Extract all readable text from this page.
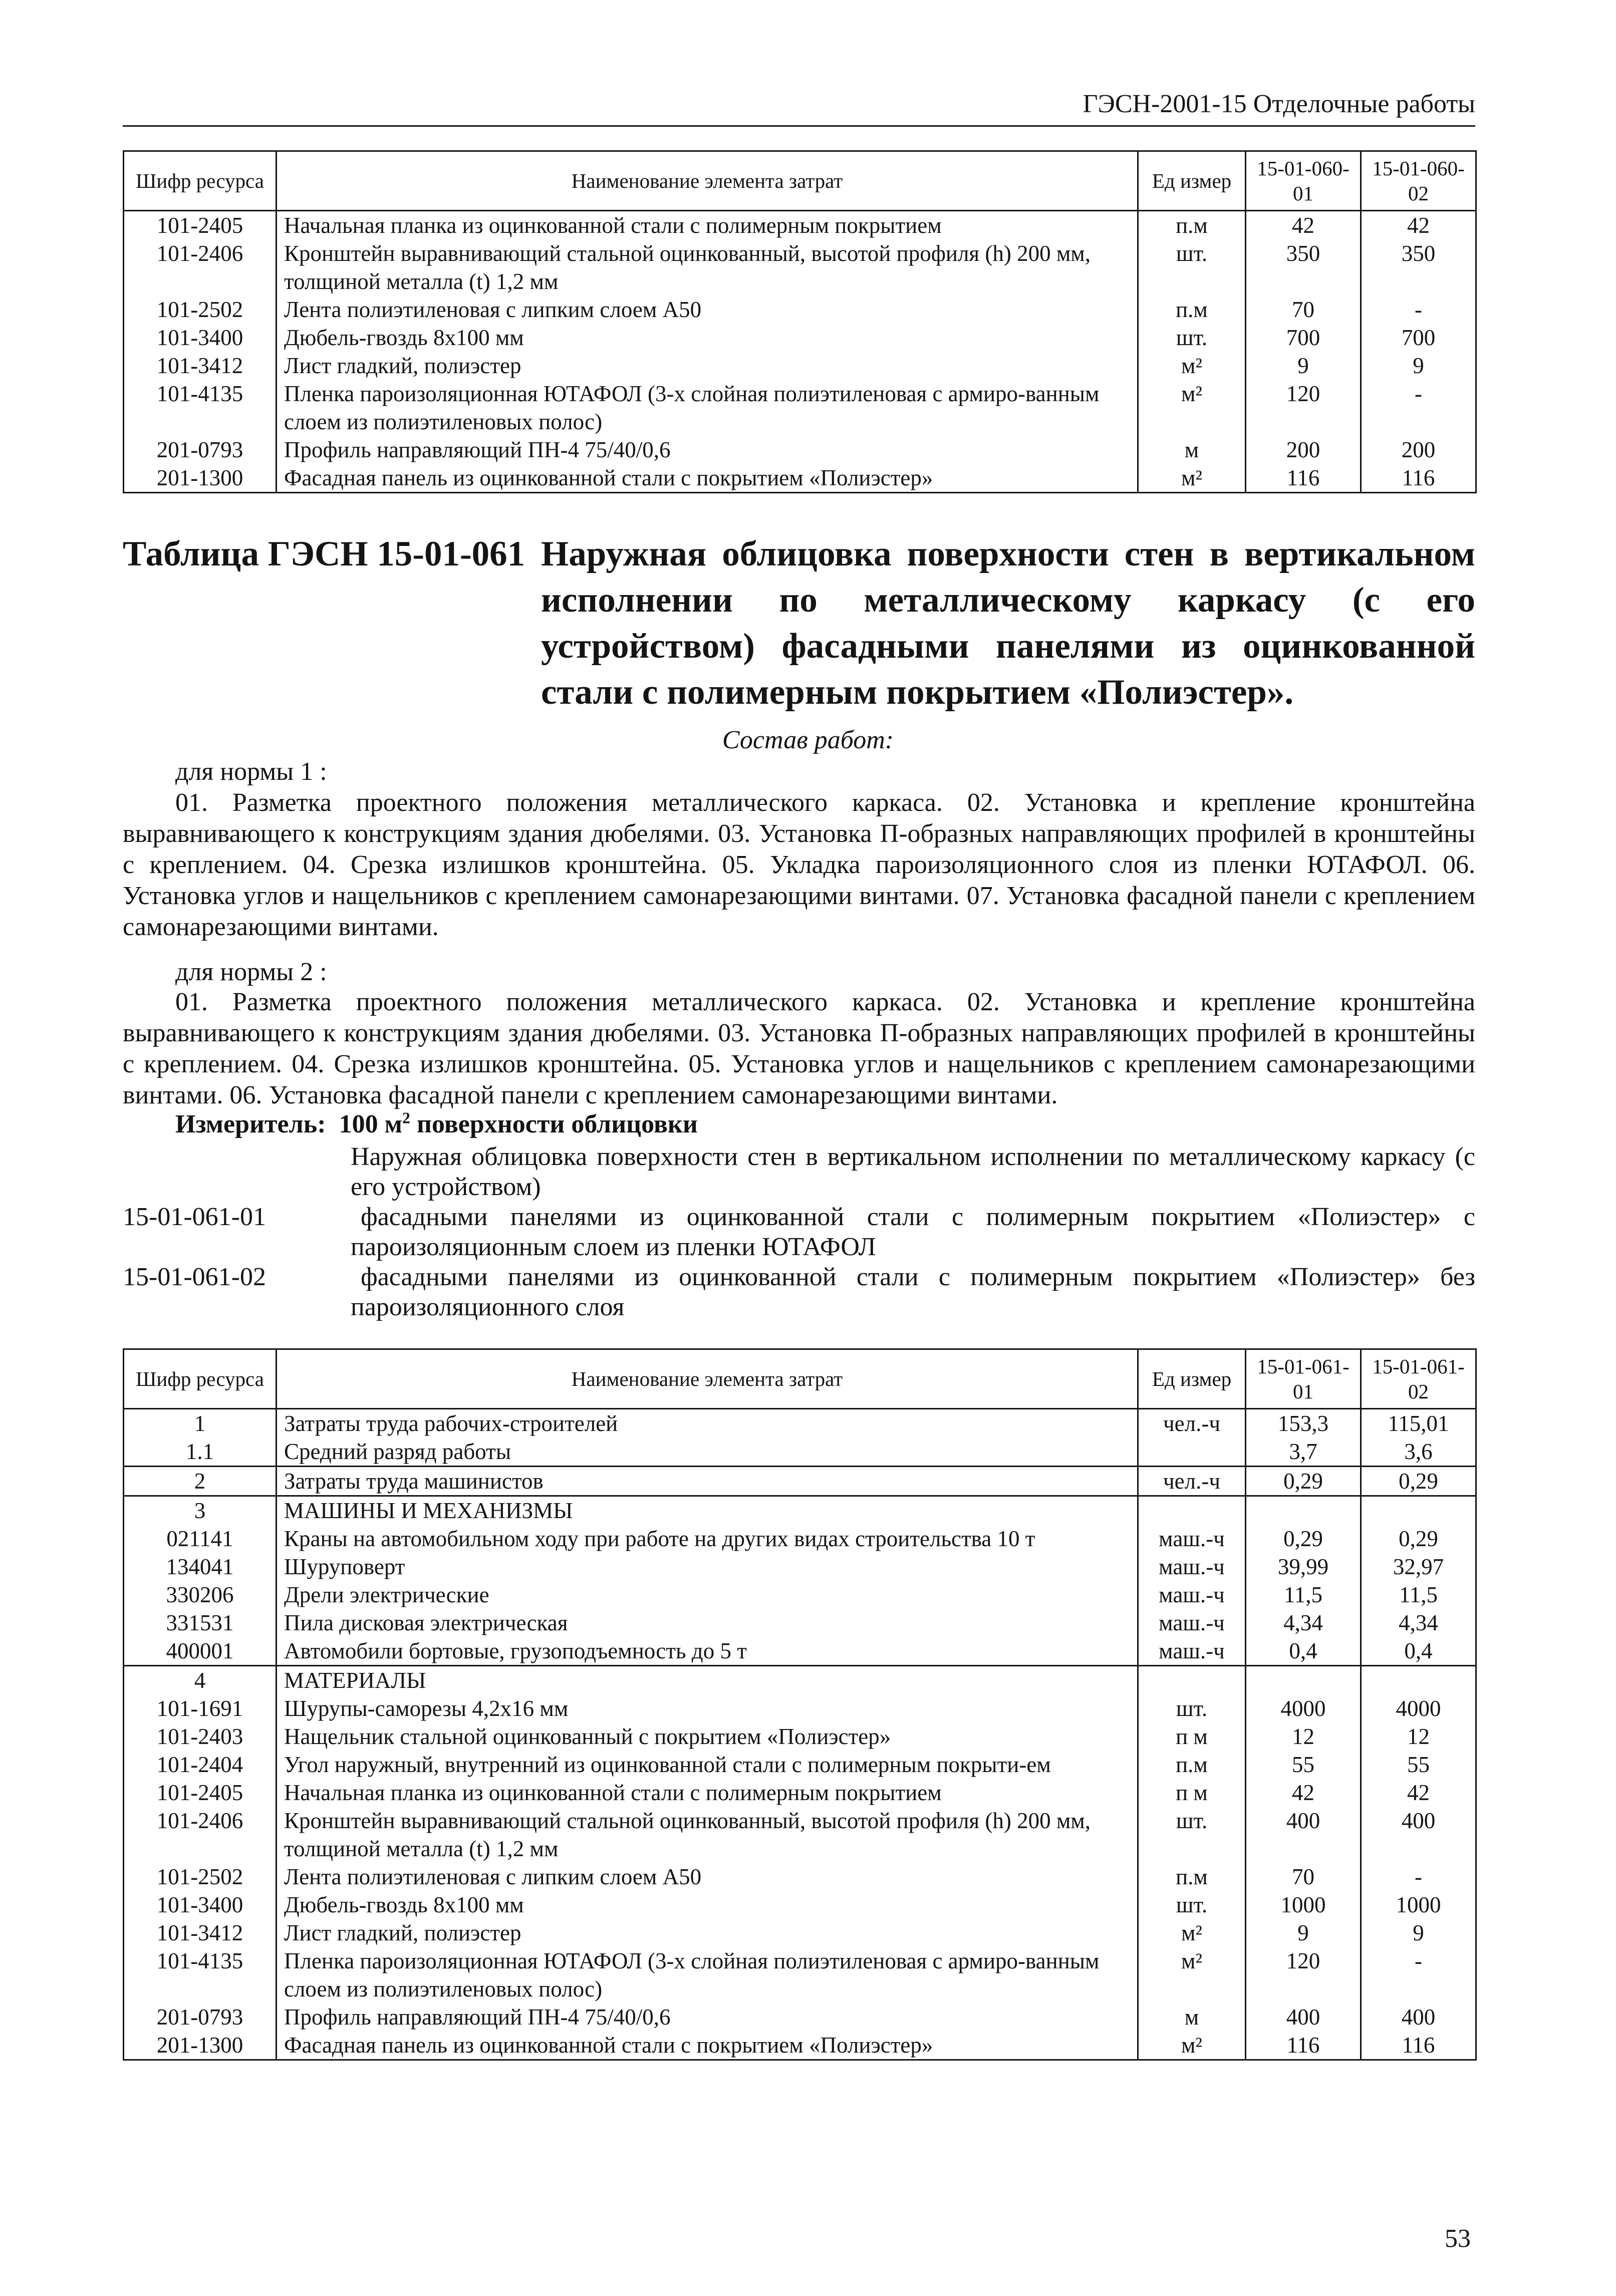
ГЭСН-2001-15 Отделочные работы
Шифр ресурса	Наименование элемента затрат	Ед измер	15-01-060-01	15-01-060-02
101-2405	Начальная планка из оцинкованной стали с полимерным покрытием	п.м	42	42
101-2406	Кронштейн выравнивающий стальной оцинкованный, высотой профиля (h) 200 мм, толщиной металла (t) 1,2 мм	шт.	350	350
101-2502	Лента полиэтиленовая с липким слоем А50	п.м	70	-
101-3400	Дюбель-гвоздь 8х100 мм	шт.	700	700
101-3412	Лист гладкий, полиэстер	м²	9	9
101-4135	Пленка пароизоляционная ЮТАФОЛ (3-х слойная полиэтиленовая с армиро-ванным слоем из полиэтиленовых полос)	м²	120	-
201-0793	Профиль направляющий ПН-4 75/40/0,6	м	200	200
201-1300	Фасадная панель из оцинкованной стали с покрытием «Полиэстер»	м²	116	116
Таблица ГЭСН 15-01-061 Наружная облицовка поверхности стен в вертикальном исполнении по металлическому каркасу (с его устройством) фасадными панелями из оцинкованной стали с полимерным покрытием «Полиэстер».
Состав работ:
для нормы 1 :
01. Разметка проектного положения металлического каркаса. 02. Установка и крепление кронштейна выравнивающего к конструкциям здания дюбелями. 03. Установка П-образных направляющих профилей в кронштейны с креплением. 04. Срезка излишков кронштейна. 05. Укладка пароизоляционного слоя из пленки ЮТАФОЛ. 06. Установка углов и нащельников с креплением самонарезающими винтами. 07. Установка фасадной панели с креплением самонарезающими винтами.
для нормы 2 :
01. Разметка проектного положения металлического каркаса. 02. Установка и крепление кронштейна выравнивающего к конструкциям здания дюбелями. 03. Установка П-образных направляющих профилей в кронштейны с креплением. 04. Срезка излишков кронштейна. 05. Установка углов и нащельников с креплением самонарезающими винтами. 06. Установка фасадной панели с креплением самонарезающими винтами.
Измеритель: 100 $м^2$ поверхности облицовки
Наружная облицовка поверхности стен в вертикальном исполнении по металлическому каркасу (с его устройством)
15-01-061-01	фасадными панелями из оцинкованной стали с полимерным покрытием «Полиэстер» с пароизоляционным слоем из пленки ЮТАФОЛ
15-01-061-02	фасадными панелями из оцинкованной стали с полимерным покрытием «Полиэстер» без пароизоляционного слоя
Шифр ресурса	Наименование элемента затрат	Ед измер	15-01-061-01	15-01-061-02
1	Затраты труда рабочих-строителей	чел.-ч	153,3	115,01
1.1	Средний разряд работы		3,7	3,6
2	Затраты труда машинистов	чел.-ч	0,29	0,29
3	МАШИНЫ И МЕХАНИЗМЫ			
021141	Краны на автомобильном ходу при работе на других видах строительства 10 т	маш.-ч	0,29	0,29
134041	Шуруповерт	маш.-ч	39,99	32,97
330206	Дрели электрические	маш.-ч	11,5	11,5
331531	Пила дисковая электрическая	маш.-ч	4,34	4,34
400001	Автомобили бортовые, грузоподъемность до 5 т	маш.-ч	0,4	0,4
4	МАТЕРИАЛЫ			
101-1691	Шурупы-саморезы 4,2х16 мм	шт.	4000	4000
101-2403	Нащельник стальной оцинкованный с покрытием «Полиэстер»	п м	12	12
101-2404	Угол наружный, внутренний из оцинкованной стали с полимерным покрыти-ем	п.м	55	55
101-2405	Начальная планка из оцинкованной стали с полимерным покрытием	п м	42	42
101-2406	Кронштейн выравнивающий стальной оцинкованный, высотой профиля (h) 200 мм, толщиной металла (t) 1,2 мм	шт.	400	400
101-2502	Лента полиэтиленовая с липким слоем А50	п.м	70	-
101-3400	Дюбель-гвоздь 8х100 мм	шт.	1000	1000
101-3412	Лист гладкий, полиэстер	м²	9	9
101-4135	Пленка пароизоляционная ЮТАФОЛ (3-х слойная полиэтиленовая с армиро-ванным слоем из полиэтиленовых полос)	м²	120	-
201-0793	Профиль направляющий ПН-4 75/40/0,6	м	400	400
201-1300	Фасадная панель из оцинкованной стали с покрытием «Полиэстер»	м²	116	116
53
